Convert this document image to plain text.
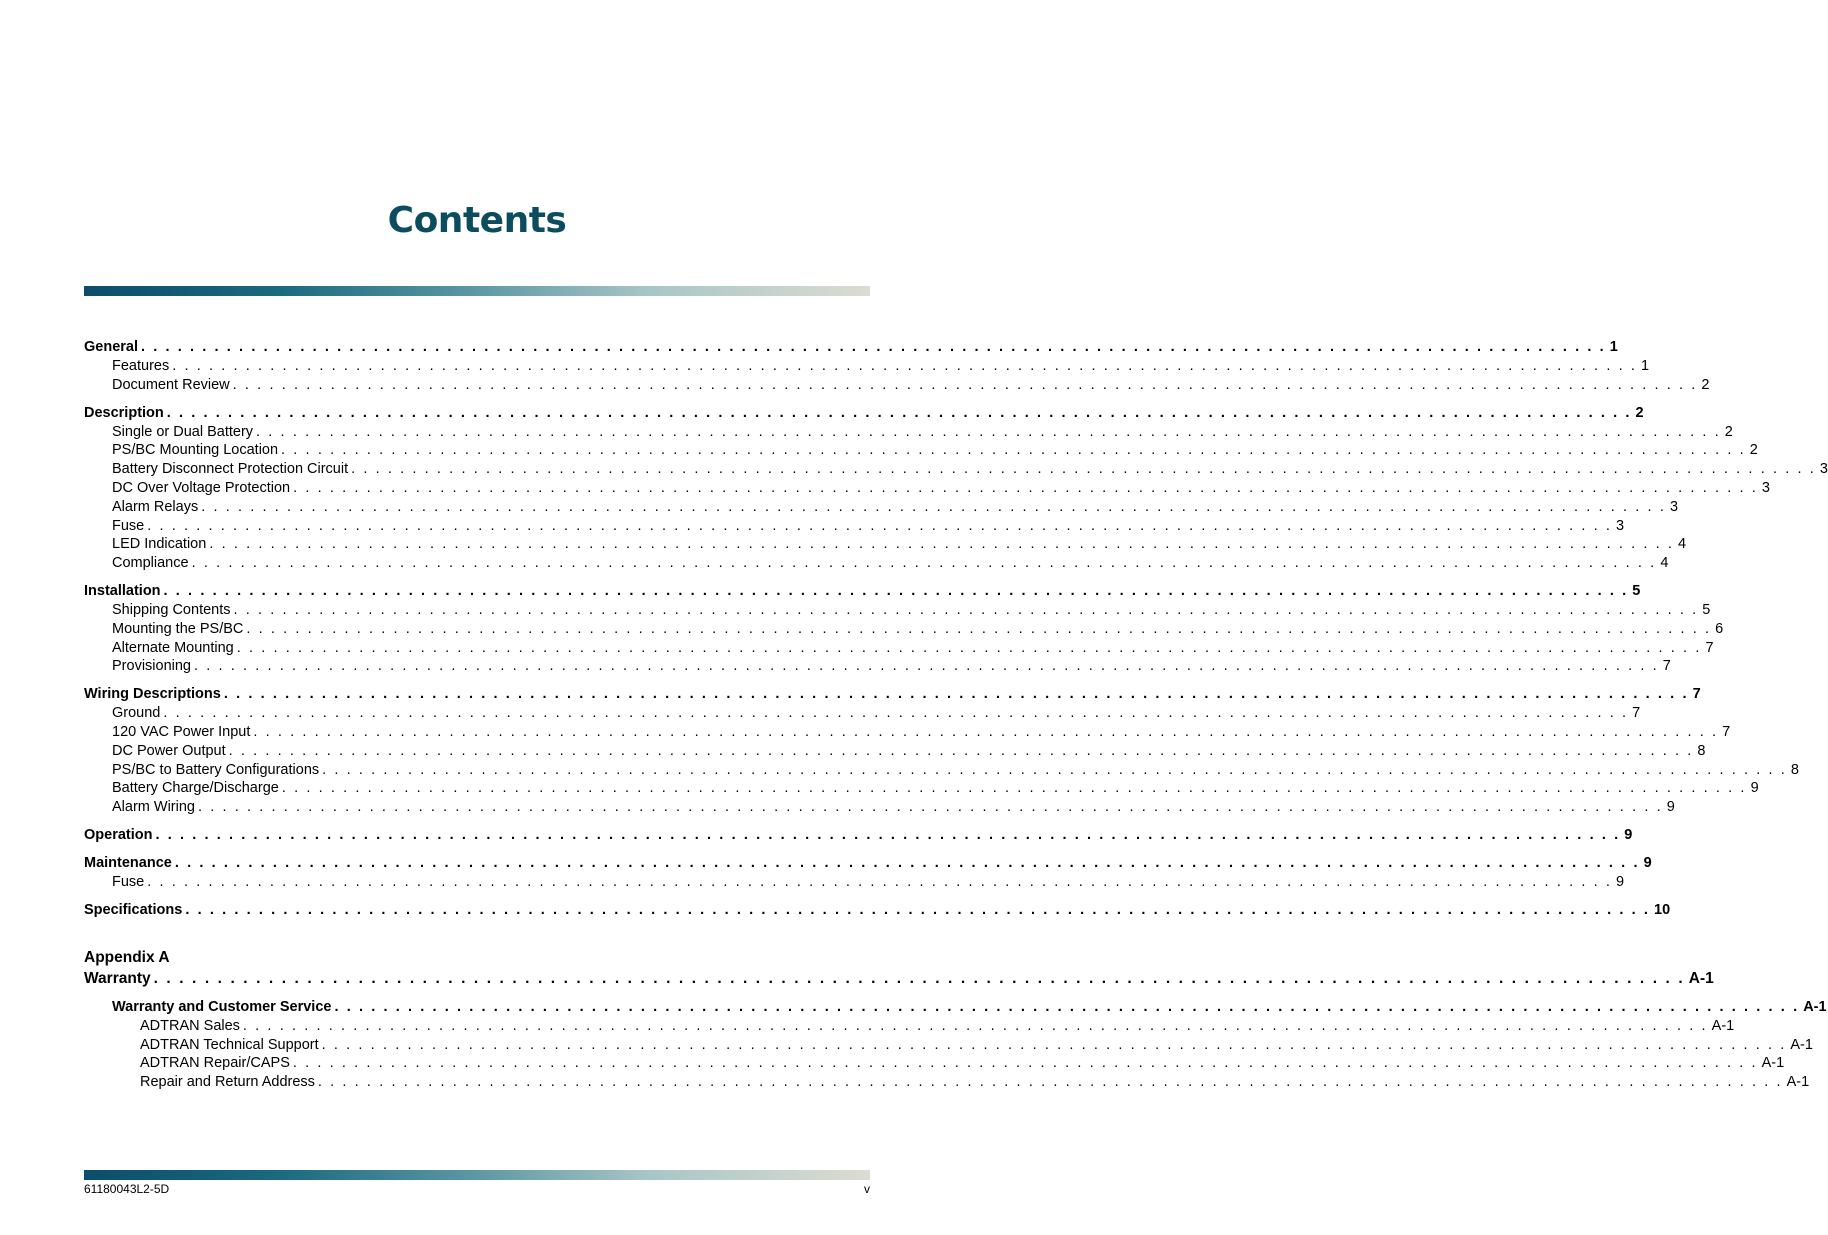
Contents
General . . . . . . . . . . . . . . . . . . . . . . . . . . . . . . . . . . . . . . . . . . . . . . . . . . . . . . . . . . . . . . . . . . . . . . . . . . . . . . . . . . . . . . . . . . . . . . . . . . . . . . . . . . . . . . . . . . . . . . . . 1
Features . . . . . . . . . . . . . . . . . . . . . . . . . . . . . . . . . . . . . . . . . . . . . . . . . . . . . . . . . . . . . . . . . . . . . . . . . . . . . . . . . . . . . . . . . . . . . . . . . . . . . . . . . . . . . . . . . . . . . . . . 1
Document Review . . . . . . . . . . . . . . . . . . . . . . . . . . . . . . . . . . . . . . . . . . . . . . . . . . . . . . . . . . . . . . . . . . . . . . . . . . . . . . . . . . . . . . . . . . . . . . . . . . . . . . . . . . . . . . . . . . . . . . . . 2
Description . . . . . . . . . . . . . . . . . . . . . . . . . . . . . . . . . . . . . . . . . . . . . . . . . . . . . . . . . . . . . . . . . . . . . . . . . . . . . . . . . . . . . . . . . . . . . . . . . . . . . . . . . . . . . . . . . . . . . . . . 2
Single or Dual Battery . . . . . . . . . . . . . . . . . . . . . . . . . . . . . . . . . . . . . . . . . . . . . . . . . . . . . . . . . . . . . . . . . . . . . . . . . . . . . . . . . . . . . . . . . . . . . . . . . . . . . . . . . . . . . . . . . . . . . . . . 2
PS/BC Mounting Location . . . . . . . . . . . . . . . . . . . . . . . . . . . . . . . . . . . . . . . . . . . . . . . . . . . . . . . . . . . . . . . . . . . . . . . . . . . . . . . . . . . . . . . . . . . . . . . . . . . . . . . . . . . . . . . . . . . . . . . . 2
Battery Disconnect Protection Circuit . . . . . . . . . . . . . . . . . . . . . . . . . . . . . . . . . . . . . . . . . . . . . . . . . . . . . . . . . . . . . . . . . . . . . . . . . . . . . . . . . . . . . . . . . . . . . . . . . . . . . . . . . . . . . . . . . . . . . . . . 3
DC Over Voltage Protection . . . . . . . . . . . . . . . . . . . . . . . . . . . . . . . . . . . . . . . . . . . . . . . . . . . . . . . . . . . . . . . . . . . . . . . . . . . . . . . . . . . . . . . . . . . . . . . . . . . . . . . . . . . . . . . . . . . . . . . . 3
Alarm Relays . . . . . . . . . . . . . . . . . . . . . . . . . . . . . . . . . . . . . . . . . . . . . . . . . . . . . . . . . . . . . . . . . . . . . . . . . . . . . . . . . . . . . . . . . . . . . . . . . . . . . . . . . . . . . . . . . . . . . . . . 3
Fuse . . . . . . . . . . . . . . . . . . . . . . . . . . . . . . . . . . . . . . . . . . . . . . . . . . . . . . . . . . . . . . . . . . . . . . . . . . . . . . . . . . . . . . . . . . . . . . . . . . . . . . . . . . . . . . . . . . . . . . . . 3
LED Indication . . . . . . . . . . . . . . . . . . . . . . . . . . . . . . . . . . . . . . . . . . . . . . . . . . . . . . . . . . . . . . . . . . . . . . . . . . . . . . . . . . . . . . . . . . . . . . . . . . . . . . . . . . . . . . . . . . . . . . . . 4
Compliance . . . . . . . . . . . . . . . . . . . . . . . . . . . . . . . . . . . . . . . . . . . . . . . . . . . . . . . . . . . . . . . . . . . . . . . . . . . . . . . . . . . . . . . . . . . . . . . . . . . . . . . . . . . . . . . . . . . . . . . . 4
Installation . . . . . . . . . . . . . . . . . . . . . . . . . . . . . . . . . . . . . . . . . . . . . . . . . . . . . . . . . . . . . . . . . . . . . . . . . . . . . . . . . . . . . . . . . . . . . . . . . . . . . . . . . . . . . . . . . . . . . . . . 5
Shipping Contents . . . . . . . . . . . . . . . . . . . . . . . . . . . . . . . . . . . . . . . . . . . . . . . . . . . . . . . . . . . . . . . . . . . . . . . . . . . . . . . . . . . . . . . . . . . . . . . . . . . . . . . . . . . . . . . . . . . . . . . . 5
Mounting the PS/BC . . . . . . . . . . . . . . . . . . . . . . . . . . . . . . . . . . . . . . . . . . . . . . . . . . . . . . . . . . . . . . . . . . . . . . . . . . . . . . . . . . . . . . . . . . . . . . . . . . . . . . . . . . . . . . . . . . . . . . . . 6
Alternate Mounting . . . . . . . . . . . . . . . . . . . . . . . . . . . . . . . . . . . . . . . . . . . . . . . . . . . . . . . . . . . . . . . . . . . . . . . . . . . . . . . . . . . . . . . . . . . . . . . . . . . . . . . . . . . . . . . . . . . . . . . . 7
Provisioning . . . . . . . . . . . . . . . . . . . . . . . . . . . . . . . . . . . . . . . . . . . . . . . . . . . . . . . . . . . . . . . . . . . . . . . . . . . . . . . . . . . . . . . . . . . . . . . . . . . . . . . . . . . . . . . . . . . . . . . . 7
Wiring Descriptions . . . . . . . . . . . . . . . . . . . . . . . . . . . . . . . . . . . . . . . . . . . . . . . . . . . . . . . . . . . . . . . . . . . . . . . . . . . . . . . . . . . . . . . . . . . . . . . . . . . . . . . . . . . . . . . . . . . . . . . . 7
Ground . . . . . . . . . . . . . . . . . . . . . . . . . . . . . . . . . . . . . . . . . . . . . . . . . . . . . . . . . . . . . . . . . . . . . . . . . . . . . . . . . . . . . . . . . . . . . . . . . . . . . . . . . . . . . . . . . . . . . . . . 7
120 VAC Power Input . . . . . . . . . . . . . . . . . . . . . . . . . . . . . . . . . . . . . . . . . . . . . . . . . . . . . . . . . . . . . . . . . . . . . . . . . . . . . . . . . . . . . . . . . . . . . . . . . . . . . . . . . . . . . . . . . . . . . . . . 7
DC Power Output . . . . . . . . . . . . . . . . . . . . . . . . . . . . . . . . . . . . . . . . . . . . . . . . . . . . . . . . . . . . . . . . . . . . . . . . . . . . . . . . . . . . . . . . . . . . . . . . . . . . . . . . . . . . . . . . . . . . . . . . 8
PS/BC to Battery Configurations . . . . . . . . . . . . . . . . . . . . . . . . . . . . . . . . . . . . . . . . . . . . . . . . . . . . . . . . . . . . . . . . . . . . . . . . . . . . . . . . . . . . . . . . . . . . . . . . . . . . . . . . . . . . . . . . . . . . . . . . 8
Battery Charge/Discharge . . . . . . . . . . . . . . . . . . . . . . . . . . . . . . . . . . . . . . . . . . . . . . . . . . . . . . . . . . . . . . . . . . . . . . . . . . . . . . . . . . . . . . . . . . . . . . . . . . . . . . . . . . . . . . . . . . . . . . . . 9
Alarm Wiring . . . . . . . . . . . . . . . . . . . . . . . . . . . . . . . . . . . . . . . . . . . . . . . . . . . . . . . . . . . . . . . . . . . . . . . . . . . . . . . . . . . . . . . . . . . . . . . . . . . . . . . . . . . . . . . . . . . . . . . . 9
Operation . . . . . . . . . . . . . . . . . . . . . . . . . . . . . . . . . . . . . . . . . . . . . . . . . . . . . . . . . . . . . . . . . . . . . . . . . . . . . . . . . . . . . . . . . . . . . . . . . . . . . . . . . . . . . . . . . . . . . . . . 9
Maintenance . . . . . . . . . . . . . . . . . . . . . . . . . . . . . . . . . . . . . . . . . . . . . . . . . . . . . . . . . . . . . . . . . . . . . . . . . . . . . . . . . . . . . . . . . . . . . . . . . . . . . . . . . . . . . . . . . . . . . . . . 9
Fuse . . . . . . . . . . . . . . . . . . . . . . . . . . . . . . . . . . . . . . . . . . . . . . . . . . . . . . . . . . . . . . . . . . . . . . . . . . . . . . . . . . . . . . . . . . . . . . . . . . . . . . . . . . . . . . . . . . . . . . . . 9
Specifications . . . . . . . . . . . . . . . . . . . . . . . . . . . . . . . . . . . . . . . . . . . . . . . . . . . . . . . . . . . . . . . . . . . . . . . . . . . . . . . . . . . . . . . . . . . . . . . . . . . . . . . . . . . . . . . . . . . . . . . . 10
Appendix A
Warranty . . . . . . . . . . . . . . . . . . . . . . . . . . . . . . . . . . . . . . . . . . . . . . . . . . . . . . . . . . . . . . . . . . . . . . . . . . . . . . . . . . . . . . . . . . . . . . . . . . . . . . . . . . . . . . . . . . . . . . . . A-1
Warranty and Customer Service . . . . . . . . . . . . . . . . . . . . . . . . . . . . . . . . . . . . . . . . . . . . . . . . . . . . . . . . . . . . . . . . . . . . . . . . . . . . . . . . . . . . . . . . . . . . . . . . . . . . . . . . . . . . . . . . . . . . . . . . A-1
ADTRAN Sales . . . . . . . . . . . . . . . . . . . . . . . . . . . . . . . . . . . . . . . . . . . . . . . . . . . . . . . . . . . . . . . . . . . . . . . . . . . . . . . . . . . . . . . . . . . . . . . . . . . . . . . . . . . . . . . . . . . . . . . . A-1
ADTRAN Technical Support . . . . . . . . . . . . . . . . . . . . . . . . . . . . . . . . . . . . . . . . . . . . . . . . . . . . . . . . . . . . . . . . . . . . . . . . . . . . . . . . . . . . . . . . . . . . . . . . . . . . . . . . . . . . . . . . . . . . . . . . A-1
ADTRAN Repair/CAPS . . . . . . . . . . . . . . . . . . . . . . . . . . . . . . . . . . . . . . . . . . . . . . . . . . . . . . . . . . . . . . . . . . . . . . . . . . . . . . . . . . . . . . . . . . . . . . . . . . . . . . . . . . . . . . . . . . . . . . . . A-1
Repair and Return Address . . . . . . . . . . . . . . . . . . . . . . . . . . . . . . . . . . . . . . . . . . . . . . . . . . . . . . . . . . . . . . . . . . . . . . . . . . . . . . . . . . . . . . . . . . . . . . . . . . . . . . . . . . . . . . . . . . . . . . . . A-1
61180043L2-5D	v
